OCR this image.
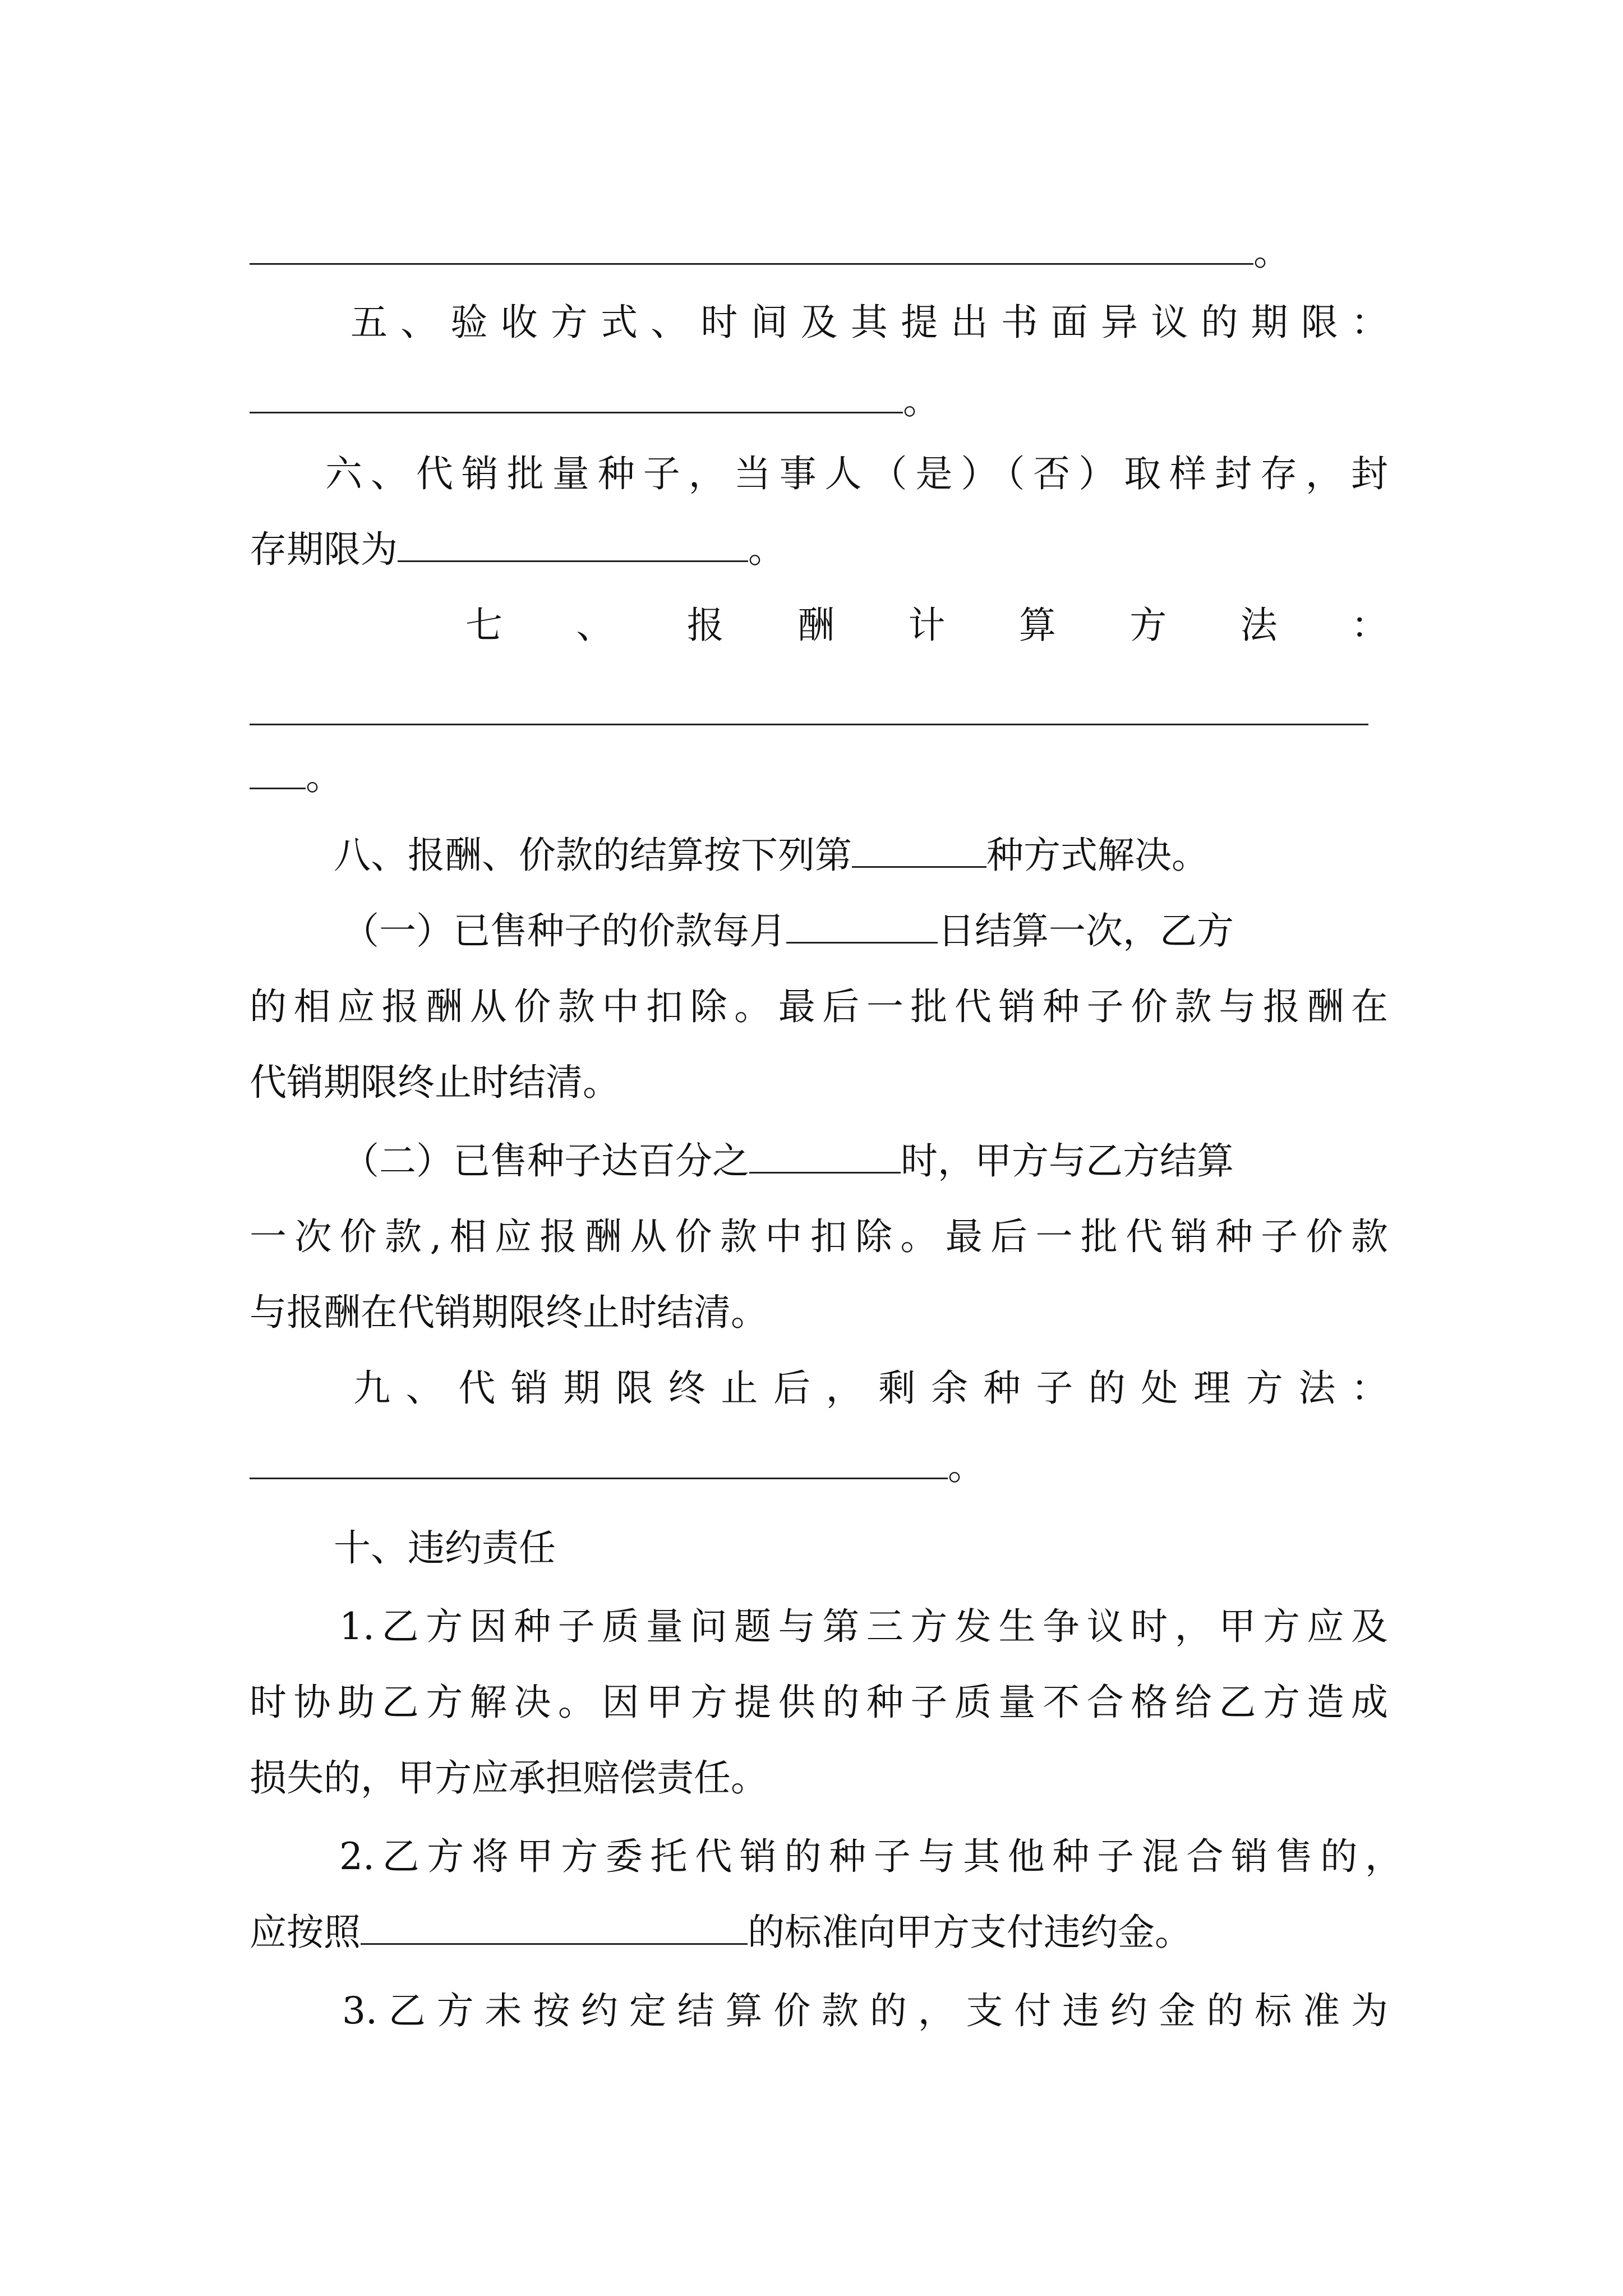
。
五、验收方式、时间及其提出书面异议的期限：
。
六、代销批量种子，当事人（是）（否）取样封存，封
存期限为	。
七、报酬计算方法：
。
八、报酬、价款的结算按下列第	种方式解决。
（一）已售种子的价款每月	日结算一次，乙方
的相应报酬从价款中扣除。最后一批代销种子价款与报酬在
代销期限终止时结清。
（二）已售种子达百分之	时，甲方与乙方结算
一次价款,相应报酬从价款中扣除。最后一批代销种子价款
与报酬在代销期限终止时结清。
九、代销期限终止后，剩余种子的处理方法：
。
十、违约责任
1.乙方因种子质量问题与第三方发生争议时，甲方应及
时协助乙方解决。因甲方提供的种子质量不合格给乙方造成
损失的，甲方应承担赔偿责任。
2.乙方将甲方委托代销的种子与其他种子混合销售的，
应按照	的标准向甲方支付违约金。
3.乙方未按约定结算价款的，支付违约金的标准为
